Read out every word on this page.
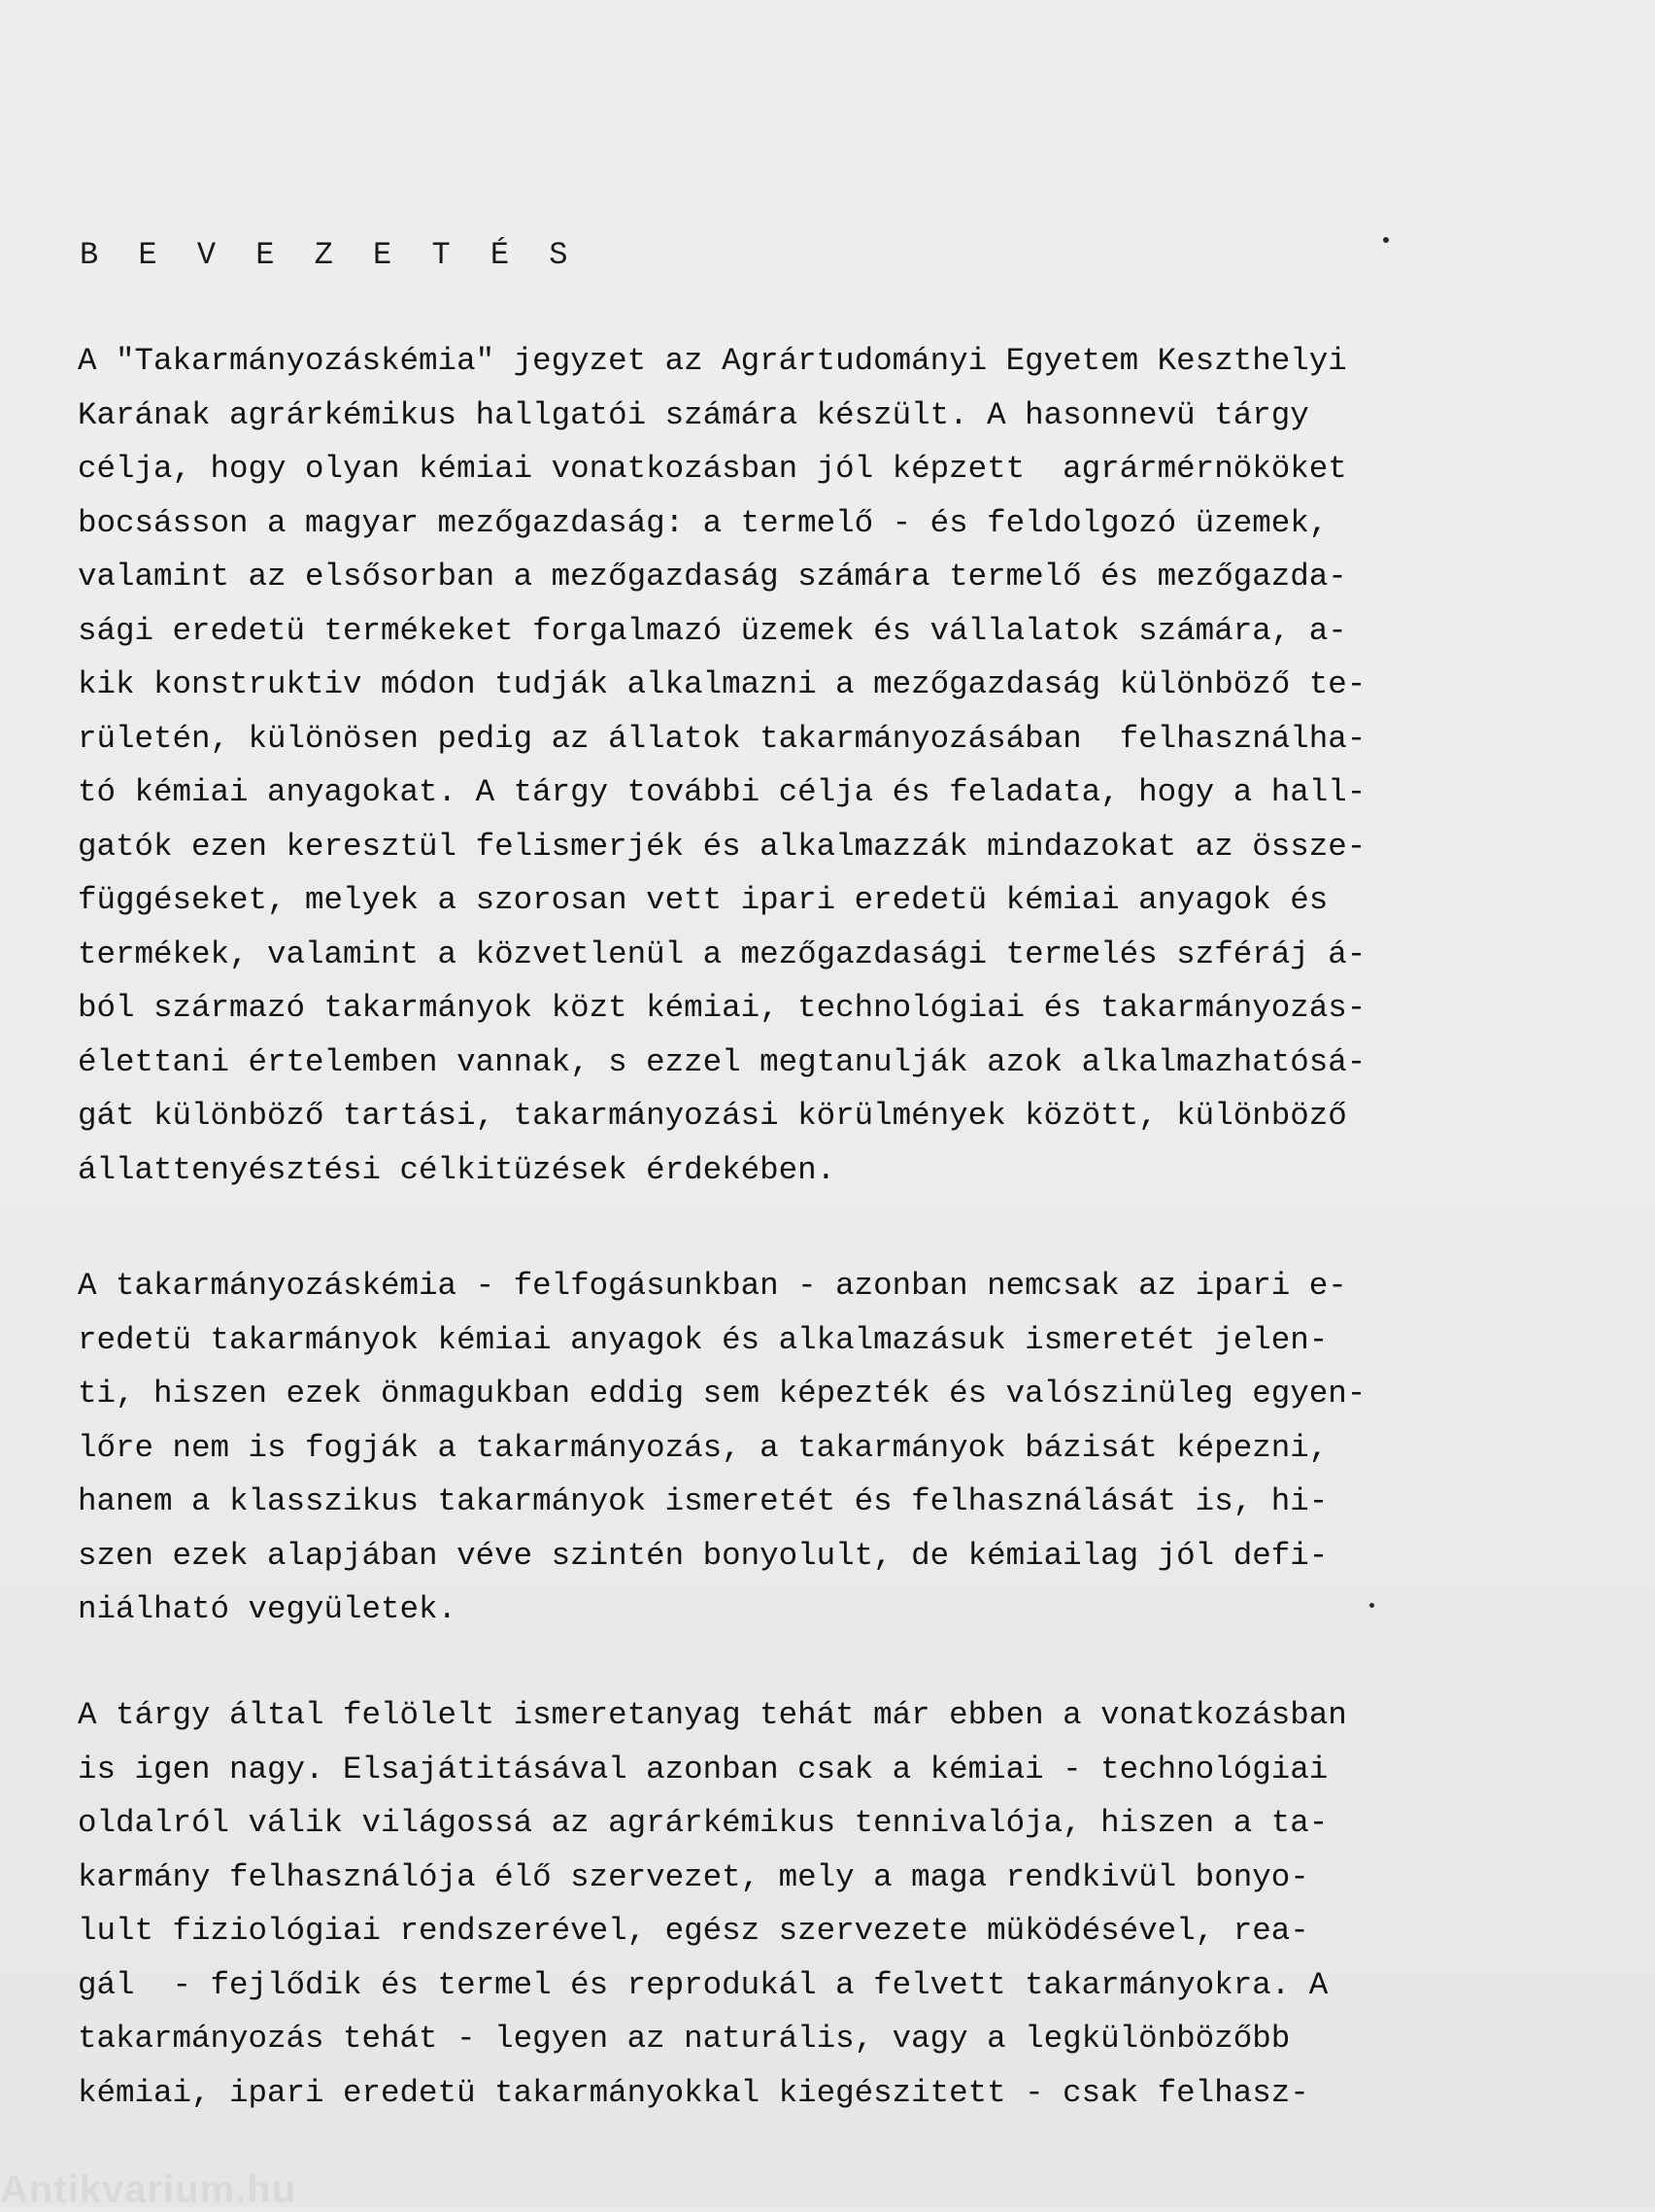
B E V E Z E T É S
A "Takarmányozáskémia" jegyzet az Agrártudományi Egyetem Keszthelyi
Karának agrárkémikus hallgatói számára készült. A hasonnevü tárgy
célja, hogy olyan kémiai vonatkozásban jól képzett  agrármérnököket
bocsásson a magyar mezőgazdaság: a termelő - és feldolgozó üzemek,
valamint az elsősorban a mezőgazdaság számára termelő és mezőgazda-
sági eredetü termékeket forgalmazó üzemek és vállalatok számára, a-
kik konstruktiv módon tudják alkalmazni a mezőgazdaság különböző te-
rületén, különösen pedig az állatok takarmányozásában  felhasználha-
tó kémiai anyagokat. A tárgy további célja és feladata, hogy a hall-
gatók ezen keresztül felismerjék és alkalmazzák mindazokat az össze-
függéseket, melyek a szorosan vett ipari eredetü kémiai anyagok és
termékek, valamint a közvetlenül a mezőgazdasági termelés szféráj á-
ból származó takarmányok közt kémiai, technológiai és takarmányozás-
élettani értelemben vannak, s ezzel megtanulják azok alkalmazhatósá-
gát különböző tartási, takarmányozási körülmények között, különböző
állattenyésztési célkitüzések érdekében.
A takarmányozáskémia - felfogásunkban - azonban nemcsak az ipari e-
redetü takarmányok kémiai anyagok és alkalmazásuk ismeretét jelen-
ti, hiszen ezek önmagukban eddig sem képezték és valószinüleg egyen-
lőre nem is fogják a takarmányozás, a takarmányok bázisát képezni,
hanem a klasszikus takarmányok ismeretét és felhasználását is, hi-
szen ezek alapjában véve szintén bonyolult, de kémiailag jól defi-
niálható vegyületek.
A tárgy által felölelt ismeretanyag tehát már ebben a vonatkozásban
is igen nagy. Elsajátitásával azonban csak a kémiai - technológiai
oldalról válik világossá az agrárkémikus tennivalója, hiszen a ta-
karmány felhasználója élő szervezet, mely a maga rendkivül bonyo-
lult fiziológiai rendszerével, egész szervezete müködésével, rea-
gál  - fejlődik és termel és reprodukál a felvett takarmányokra. A
takarmányozás tehát - legyen az naturális, vagy a legkülönbözőbb
kémiai, ipari eredetü takarmányokkal kiegészitett - csak felhasz-
Antikvarium.hu
